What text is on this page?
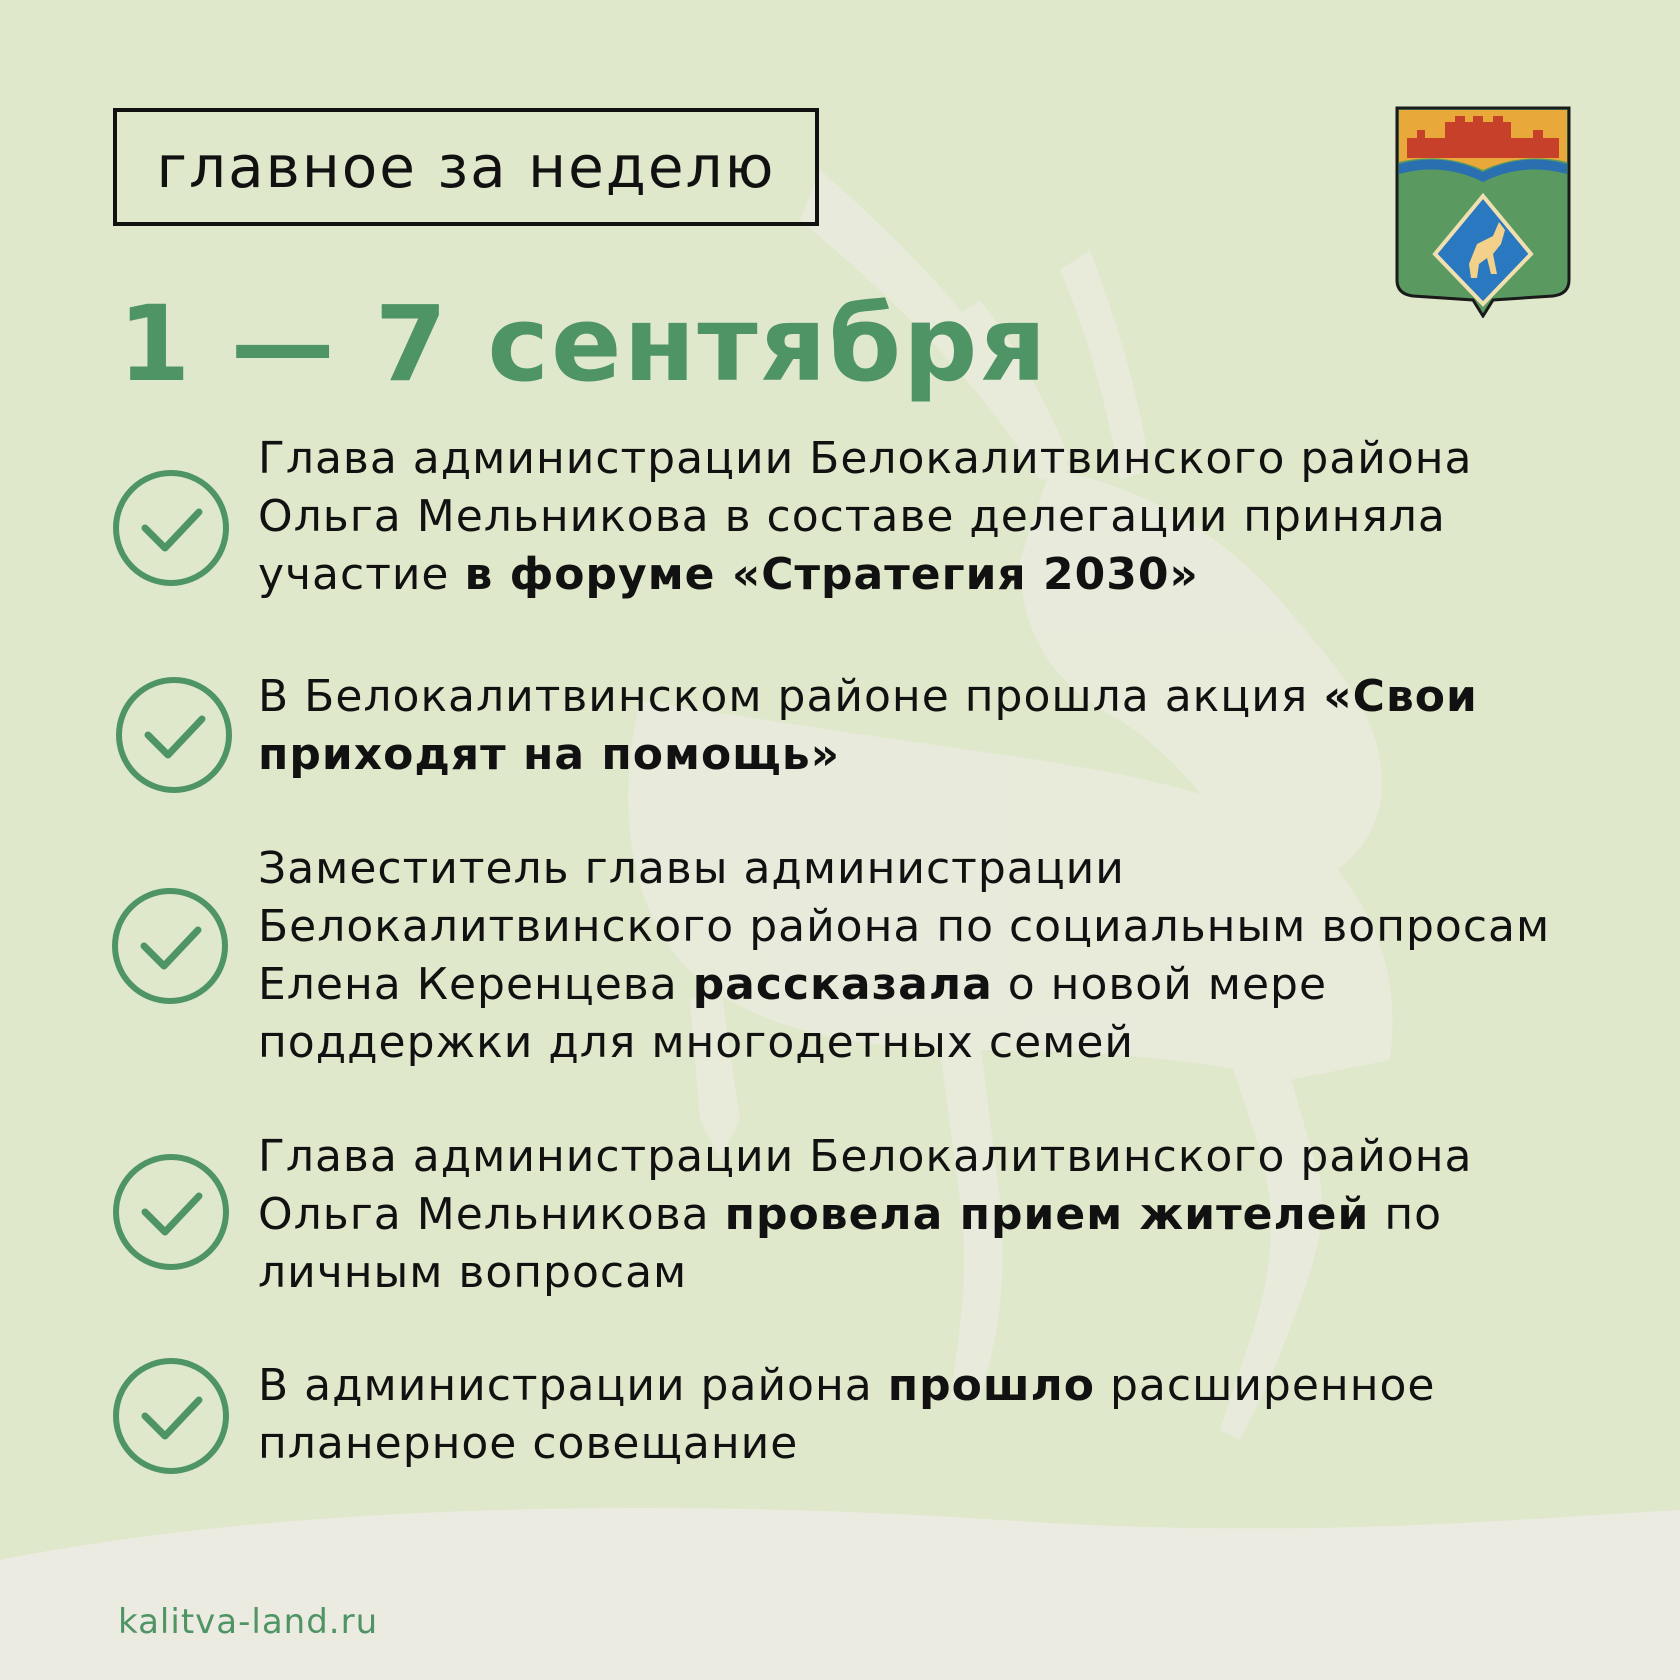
главное за неделю
1 — 7 сентября
Глава администрации Белокалитвинского района Ольга Мельникова в составе делегации приняла участие в форуме «Стратегия 2030»
В Белокалитвинском районе прошла акция «Свои приходят на помощь»
Заместитель главы администрации Белокалитвинского района по социальным вопросам Елена Керенцева рассказала о новой мере поддержки для многодетных семей
Глава администрации Белокалитвинского района Ольга Мельникова провела прием жителей по личным вопросам
В администрации района прошло расширенное планерное совещание
kalitva-land.ru
